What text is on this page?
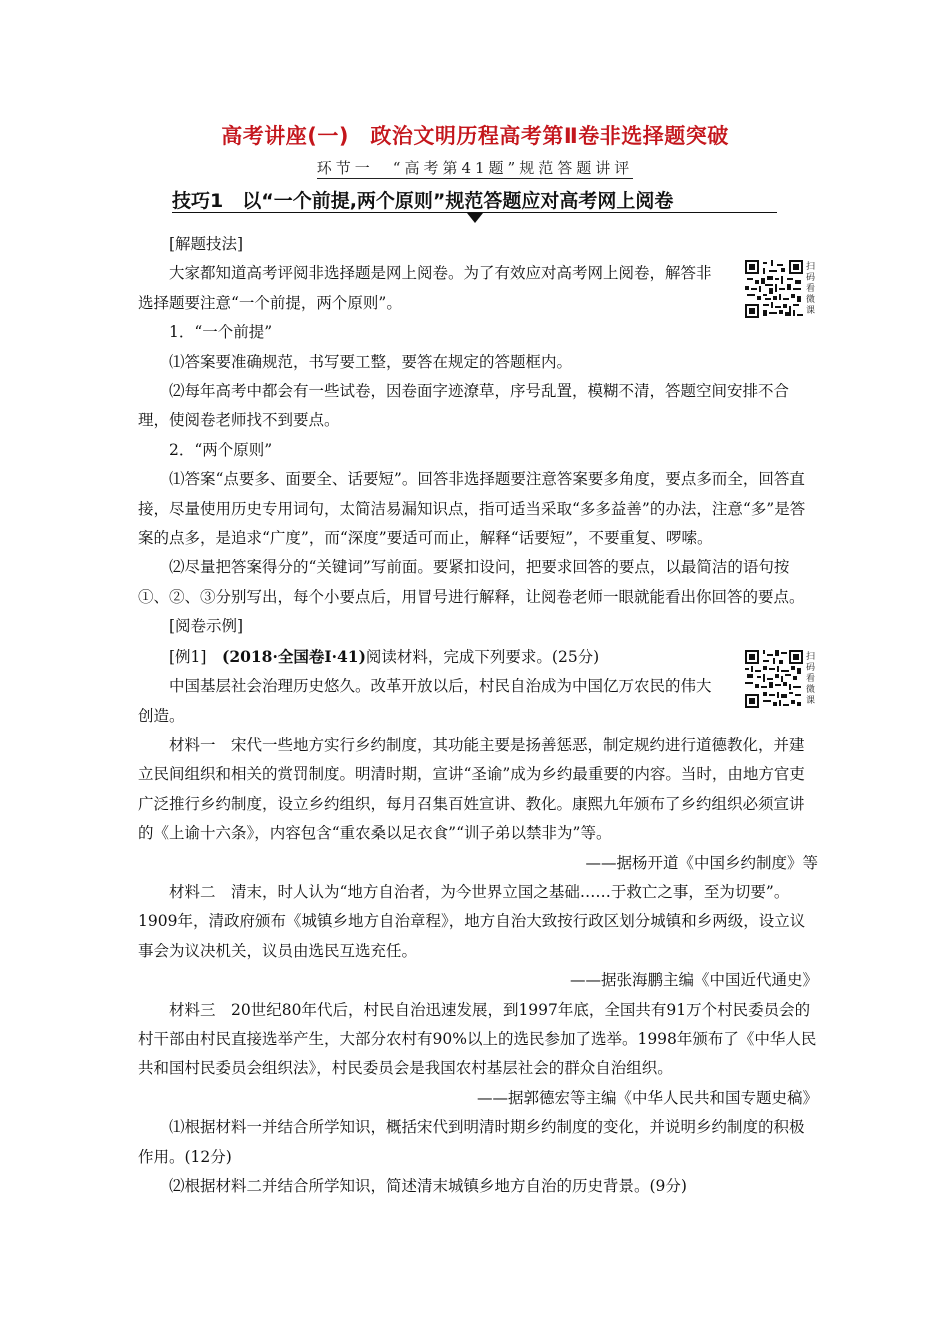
高考讲座(一)　政治文明历程高考第Ⅱ卷非选择题突破
环节一　“高考第41题”规范答题讲评
技巧1　以“一个前提,两个原则”规范答题应对高考网上阅卷
扫码看微课
扫码看微课

[解题技法]

大家都知道高考评阅非选择题是网上阅卷。为了有效应对高考网上阅卷，解答非选择题要注意“一个前提，两个原则”。

1．“一个前提”

⑴答案要准确规范，书写要工整，要答在规定的答题框内。

⑵每年高考中都会有一些试卷，因卷面字迹潦草，序号乱置，模糊不清，答题空间安排不合理，使阅卷老师找不到要点。

2．“两个原则”

⑴答案“点要多、面要全、话要短”。回答非选择题要注意答案要多角度，要点多而全，回答直接，尽量使用历史专用词句，太简洁易漏知识点，指可适当采取“多多益善”的办法，注意“多”是答案的点多，是追求“广度”，而“深度”要适可而止，解释“话要短”，不要重复、啰嗦。

⑵尽量把答案得分的“关键词”写前面。要紧扣设问，把要求回答的要点，以最简洁的语句按①、②、③分别写出，每个小要点后，用冒号进行解释，让阅卷老师一眼就能看出你回答的要点。

[阅卷示例]

[例1]　 (2018·全国卷Ⅰ·41)阅读材料，完成下列要求。(25分)

中国基层社会治理历史悠久。改革开放以后，村民自治成为中国亿万农民的伟大创造。

材料一　宋代一些地方实行乡约制度，其功能主要是扬善惩恶，制定规约进行道德教化，并建立民间组织和相关的赏罚制度。明清时期，宣讲“圣谕”成为乡约最重要的内容。当时，由地方官吏广泛推行乡约制度，设立乡约组织，每月召集百姓宣讲、教化。康熙九年颁布了乡约组织必须宣讲的《上谕十六条》，内容包含“重农桑以足衣食”“训子弟以禁非为”等。

——据杨开道《中国乡约制度》等

材料二　清末，时人认为“地方自治者，为今世界立国之基础……于救亡之事，至为切要”。1909年，清政府颁布《城镇乡地方自治章程》，地方自治大致按行政区划分城镇和乡两级，设立议事会为议决机关，议员由选民互选充任。

——据张海鹏主编《中国近代通史》

材料三　20世纪80年代后，村民自治迅速发展，到1997年底，全国共有91万个村民委员会的村干部由村民直接选举产生，大部分农村有90%以上的选民参加了选举。1998年颁布了《中华人民共和国村民委员会组织法》，村民委员会是我国农村基层社会的群众自治组织。

——据郭德宏等主编《中华人民共和国专题史稿》

⑴根据材料一并结合所学知识，概括宋代到明清时期乡约制度的变化，并说明乡约制度的积极作用。(12分)

⑵根据材料二并结合所学知识，简述清末城镇乡地方自治的历史背景。(9分)
